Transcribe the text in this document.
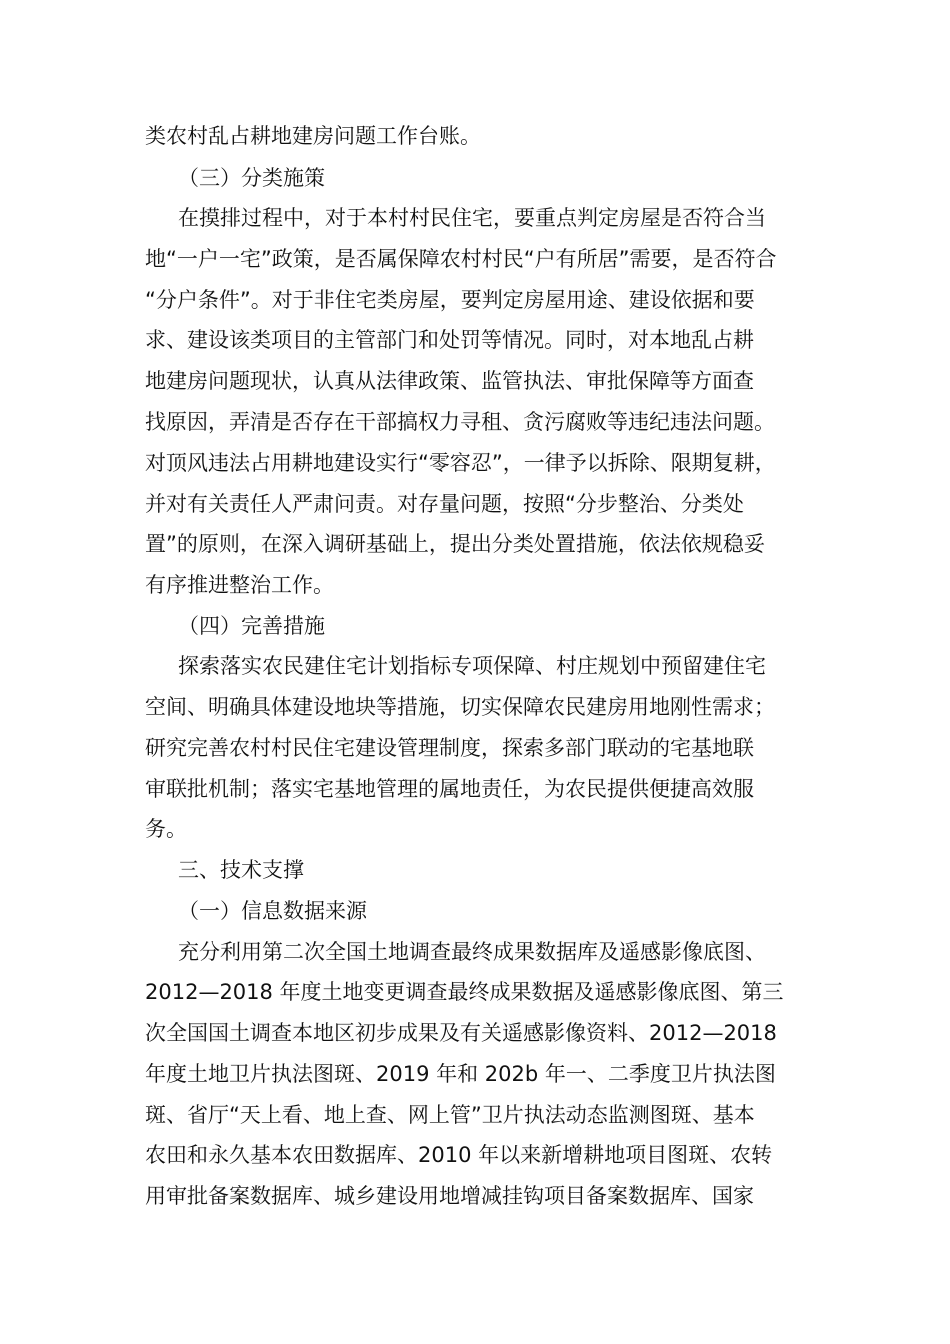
类农村乱占耕地建房问题工作台账。
（三）分类施策
在摸排过程中，对于本村村民住宅，要重点判定房屋是否符合当
地“一户一宅”政策，是否属保障农村村民“户有所居”需要，是否符合
“分户条件”。对于非住宅类房屋，要判定房屋用途、建设依据和要
求、建设该类项目的主管部门和处罚等情况。同时，对本地乱占耕
地建房问题现状，认真从法律政策、监管执法、审批保障等方面查
找原因，弄清是否存在干部搞权力寻租、贪污腐败等违纪违法问题。
对顶风违法占用耕地建设实行“零容忍”，一律予以拆除、限期复耕，
并对有关责任人严肃问责。对存量问题，按照“分步整治、分类处
置”的原则，在深入调研基础上，提出分类处置措施，依法依规稳妥
有序推进整治工作。
（四）完善措施
探索落实农民建住宅计划指标专项保障、村庄规划中预留建住宅
空间、明确具体建设地块等措施，切实保障农民建房用地刚性需求；
研究完善农村村民住宅建设管理制度，探索多部门联动的宅基地联
审联批机制；落实宅基地管理的属地责任，为农民提供便捷高效服
务。
三、技术支撑
（一）信息数据来源
充分利用第二次全国土地调查最终成果数据库及遥感影像底图、
2012—2018 年度土地变更调查最终成果数据及遥感影像底图、第三
次全国国土调查本地区初步成果及有关遥感影像资料、2012—2018
年度土地卫片执法图斑、2019 年和 202b 年一、二季度卫片执法图
斑、省厅“天上看、地上查、网上管”卫片执法动态监测图斑、基本
农田和永久基本农田数据库、2010 年以来新增耕地项目图斑、农转
用审批备案数据库、城乡建设用地增减挂钩项目备案数据库、国家
